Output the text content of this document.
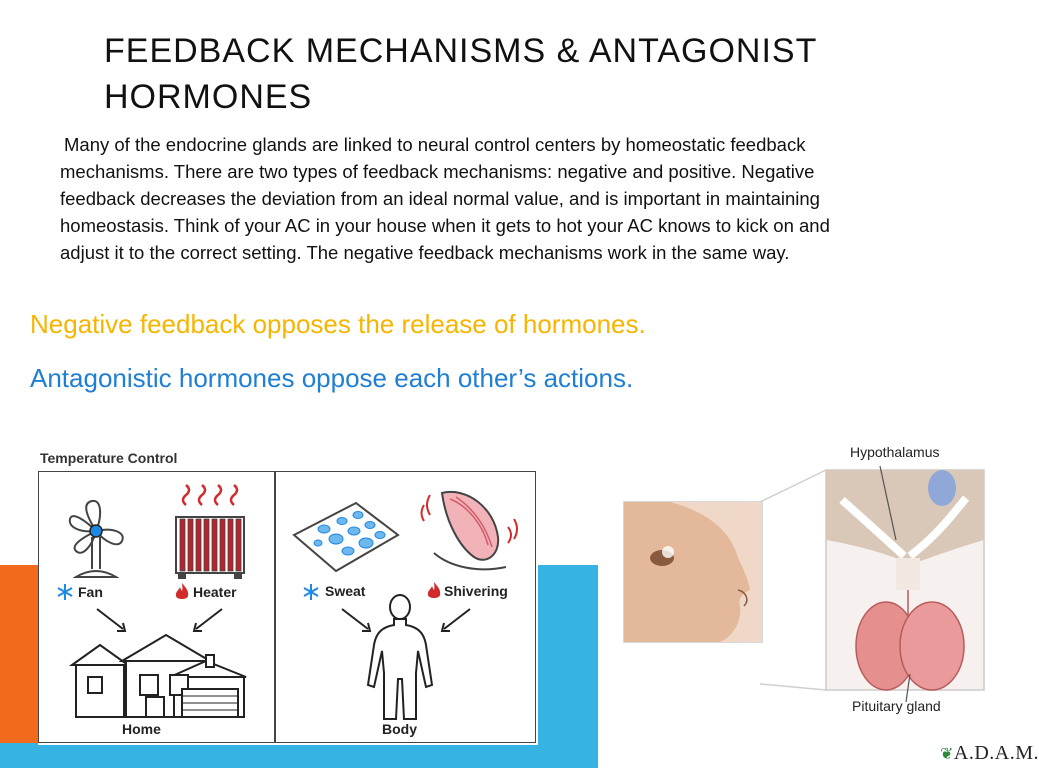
FEEDBACK MECHANISMS & ANTAGONIST HORMONES

Many of the endocrine glands are linked to neural control centers by homeostatic feedback mechanisms. There are two types of feedback mechanisms: negative and positive. Negative feedback decreases the deviation from an ideal normal value, and is important in maintaining homeostasis. Think of your AC in your house when it gets to hot your AC knows to kick on and adjust it to the correct setting. The negative feedback mechanisms work in the same way.

Negative feedback opposes the release of hormones.

Antagonistic hormones oppose each other’s actions.

Temperature Control
Fan	Heater
Home
Sweat	Shivering
Body
Hypothalamus
Pituitary gland
❦A.D.A.M.
